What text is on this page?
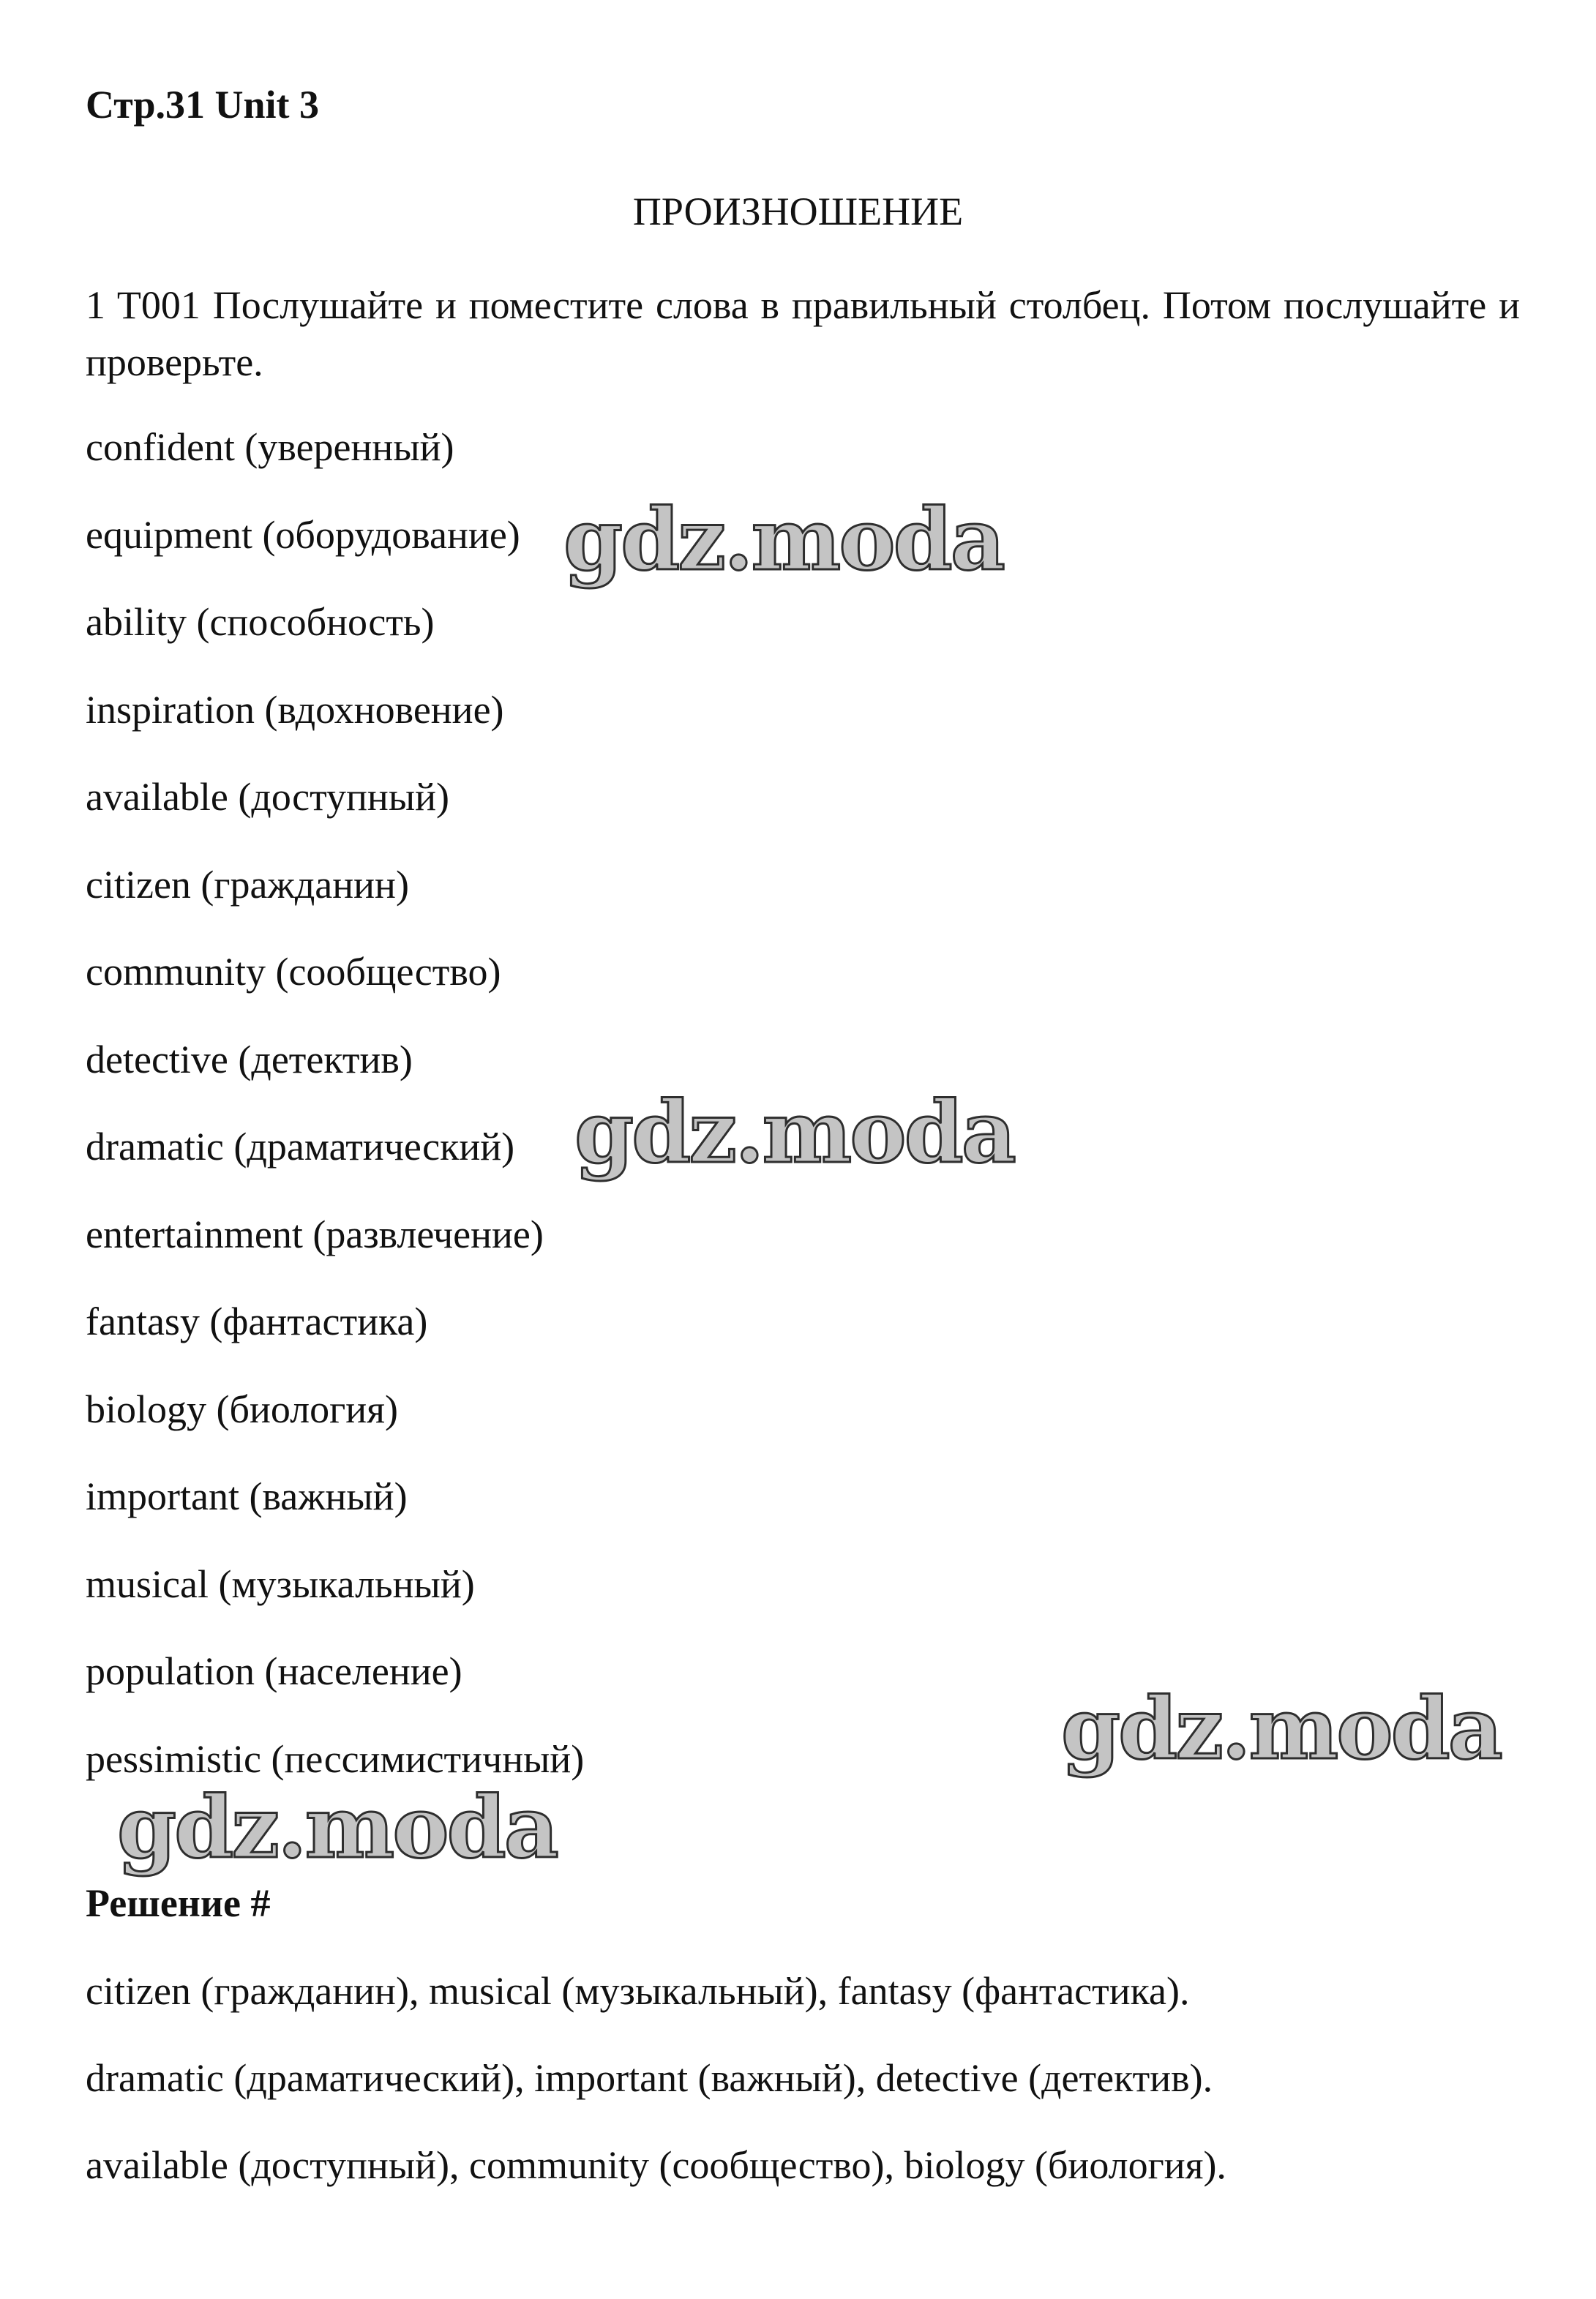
Стр.31 Unit 3
ПРОИЗНОШЕНИЕ
1 T001 Послушайте и поместите слова в правильный столбец. Потом послушайте и проверьте.
confident (уверенный)
equipment (оборудование)
ability (способность)
inspiration (вдохновение)
available (доступный)
citizen (гражданин)
community (сообщество)
detective (детектив)
dramatic (драматический)
entertainment (развлечение)
fantasy (фантастика)
biology (биология)
important (важный)
musical (музыкальный)
population (население)
pessimistic (пессимистичный)
Решение #
citizen (гражданин), musical (музыкальный), fantasy (фантастика).
dramatic (драматический), important (важный), detective (детектив).
available (доступный), community (сообщество), biology (биология).
gdz.moda
gdz.moda
gdz.moda
gdz.moda
